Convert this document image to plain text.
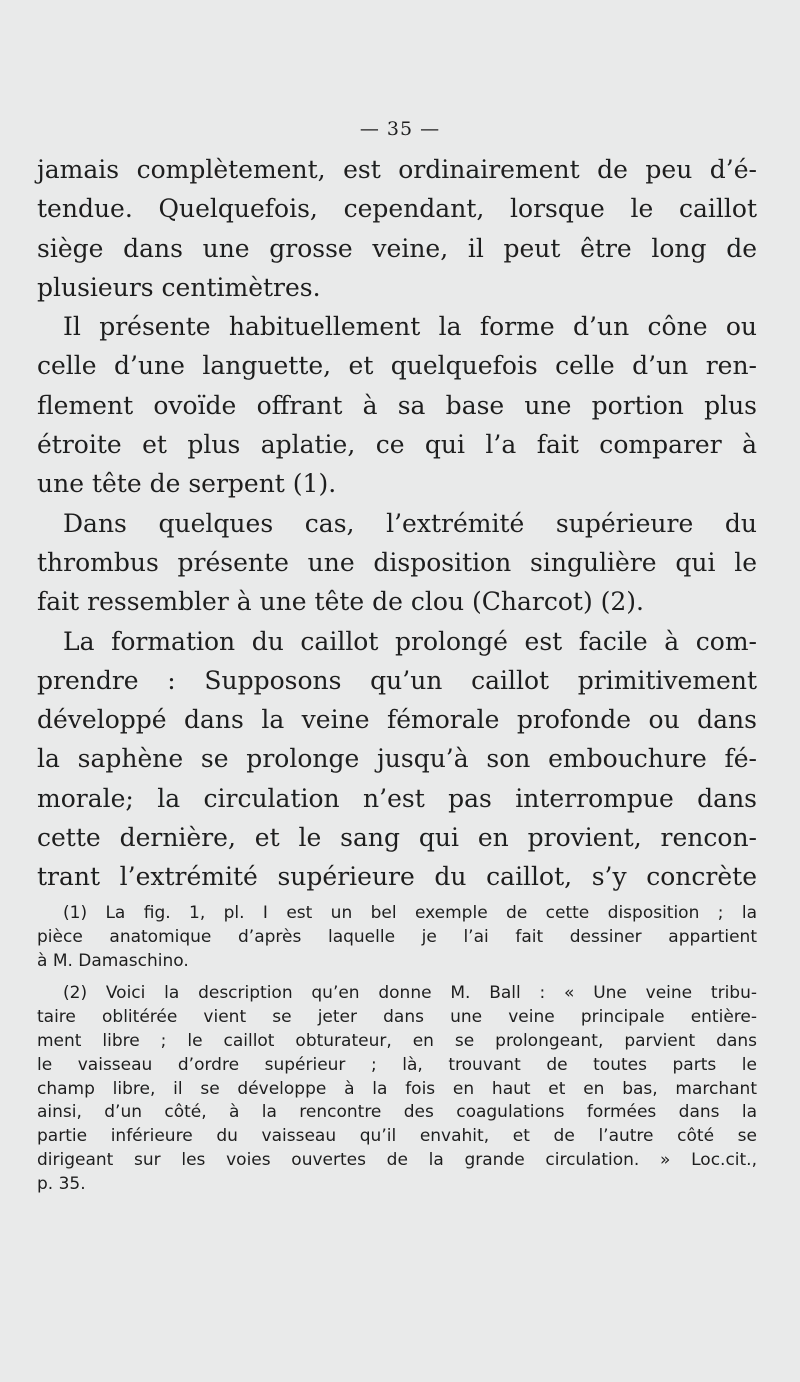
— 35 —
jamais complètement, est ordinairement de peu d’é-
tendue. Quelquefois, cependant, lorsque le caillot
siège dans une grosse veine, il peut être long de
plusieurs centimètres.
Il présente habituellement la forme d’un cône ou
celle d’une languette, et quelquefois celle d’un ren-
flement ovoïde offrant à sa base une portion plus
étroite et plus aplatie, ce qui l’a fait comparer à
une tête de serpent (1).
Dans quelques cas, l’extrémité supérieure du
thrombus présente une disposition singulière qui le
fait ressembler à une tête de clou (Charcot) (2).
La formation du caillot prolongé est facile à com-
prendre : Supposons qu’un caillot primitivement
développé dans la veine fémorale profonde ou dans
la saphène se prolonge jusqu’à son embouchure fé-
morale; la circulation n’est pas interrompue dans
cette dernière, et le sang qui en provient, rencon-
trant l’extrémité supérieure du caillot, s’y concrète
(1) La fig. 1, pl. I est un bel exemple de cette disposition ; la
pièce anatomique d’après laquelle je l’ai fait dessiner appartient
à M. Damaschino.
(2) Voici la description qu’en donne M. Ball : « Une veine tribu-
taire oblitérée vient se jeter dans une veine principale entière-
ment libre ; le caillot obturateur, en se prolongeant, parvient dans
le vaisseau d’ordre supérieur ; là, trouvant de toutes parts le
champ libre, il se développe à la fois en haut et en bas, marchant
ainsi, d’un côté, à la rencontre des coagulations formées dans la
partie inférieure du vaisseau qu’il envahit, et de l’autre côté se
dirigeant sur les voies ouvertes de la grande circulation. » Loc.cit.,
p. 35.
